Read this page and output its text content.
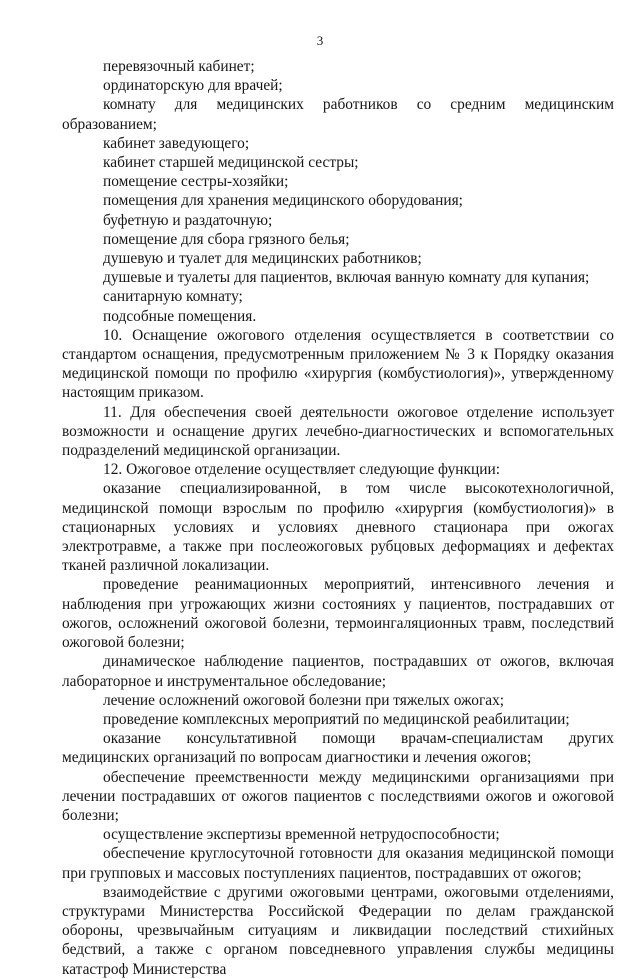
3

перевязочный кабинет;

ординаторскую для врачей;

комнату для медицинских работников со средним медицинским образованием;

кабинет заведующего;

кабинет старшей медицинской сестры;

помещение сестры-хозяйки;

помещения для хранения медицинского оборудования;

буфетную и раздаточную;

помещение для сбора грязного белья;

душевую и туалет для медицинских работников;

душевые и туалеты для пациентов, включая ванную комнату для купания;

санитарную комнату;

подсобные помещения.

10. Оснащение ожогового отделения осуществляется в соответствии со стандартом оснащения, предусмотренным приложением № 3 к Порядку оказания медицинской помощи по профилю «хирургия (комбустиология)», утвержденному настоящим приказом.

11. Для обеспечения своей деятельности ожоговое отделение использует возможности и оснащение других лечебно-диагностических и вспомогательных подразделений медицинской организации.

12. Ожоговое отделение осуществляет следующие функции:

оказание специализированной, в том числе высокотехнологичной, медицинской помощи взрослым по профилю «хирургия (комбустиология)» в стационарных условиях и условиях дневного стационара при ожогах электротравме, а также при послеожоговых рубцовых деформациях и дефектах тканей различной локализации.

проведение реанимационных мероприятий, интенсивного лечения и наблюдения при угрожающих жизни состояниях у пациентов, пострадавших от ожогов, осложнений ожоговой болезни, термоингаляционных травм, последствий ожоговой болезни;

динамическое наблюдение пациентов, пострадавших от ожогов, включая лабораторное и инструментальное обследование;

лечение осложнений ожоговой болезни при тяжелых ожогах;

проведение комплексных мероприятий по медицинской реабилитации;

оказание консультативной помощи врачам-специалистам других медицинских организаций по вопросам диагностики и лечения ожогов;

обеспечение преемственности между медицинскими организациями при лечении пострадавших от ожогов пациентов с последствиями ожогов и ожоговой болезни;

осуществление экспертизы временной нетрудоспособности;

обеспечение круглосуточной готовности для оказания медицинской помощи при групповых и массовых поступлениях пациентов, пострадавших от ожогов;

взаимодействие с другими ожоговыми центрами, ожоговыми отделениями, структурами Министерства Российской Федерации по делам гражданской обороны, чрезвычайным ситуациям и ликвидации последствий стихийных бедствий, а также с органом повседневного управления службы медицины катастроф Министерства
